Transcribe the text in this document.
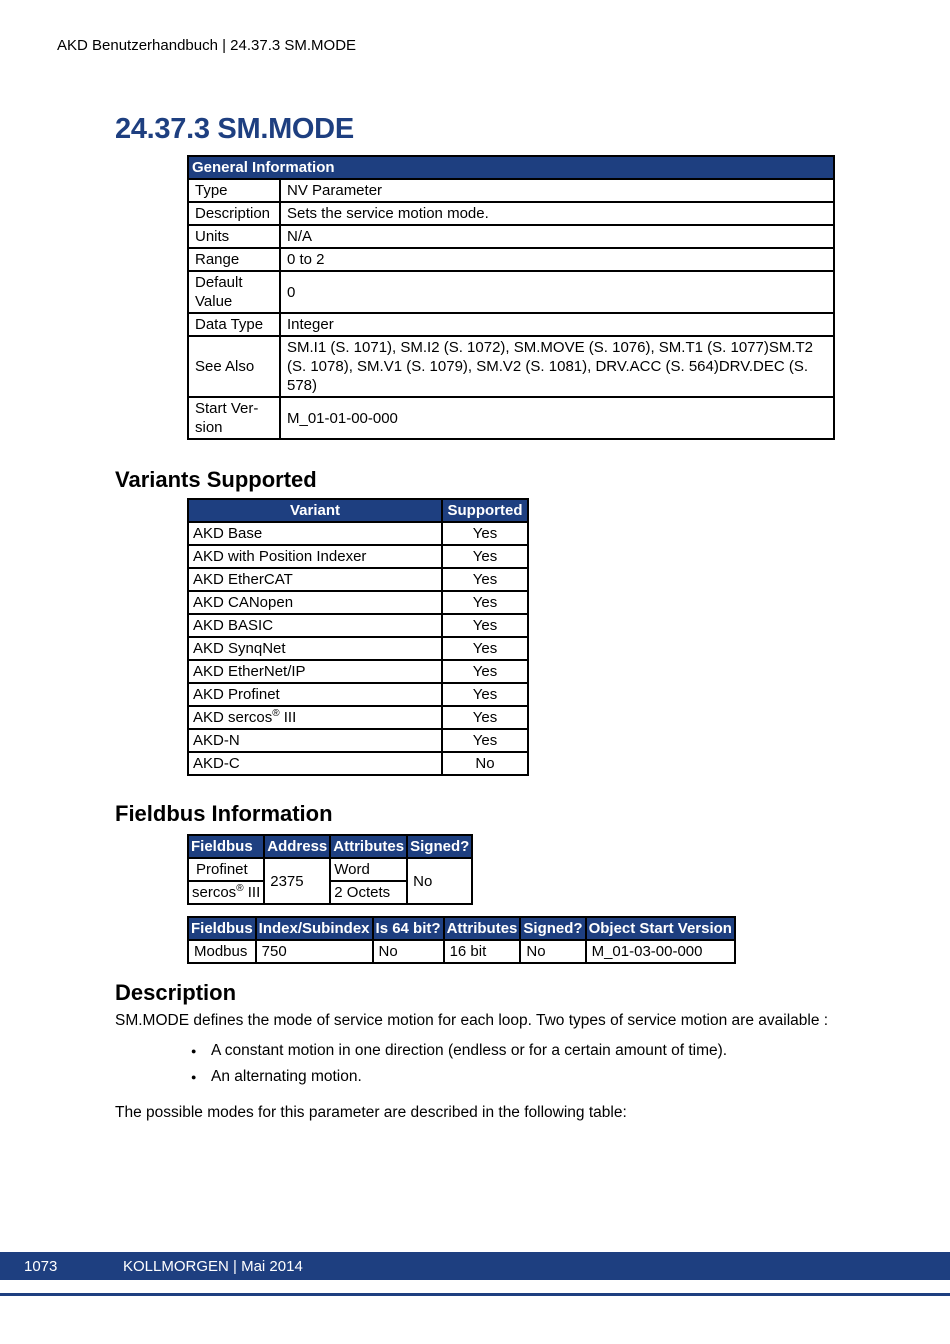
AKD Benutzerhandbuch | 24.37.3 SM.MODE
24.37.3 SM.MODE
General Information	
Type	NV Parameter
Description	Sets the service motion mode.
Units	N/A
Range	0 to 2
Default Value	0
Data Type	Integer
See Also	SM.I1 (S. 1071), SM.I2 (S. 1072), SM.MOVE (S. 1076), SM.T1 (S. 1077)SM.T2 (S. 1078), SM.V1 (S. 1079), SM.V2 (S. 1081), DRV.ACC (S. 564)DRV.DEC (S. 578)
Start Ver- sion	M_01-01-00-000
Variants Supported
Variant	Supported
AKD Base	Yes
AKD with Position Indexer	Yes
AKD EtherCAT	Yes
AKD CANopen	Yes
AKD BASIC	Yes
AKD SynqNet	Yes
AKD EtherNet/IP	Yes
AKD Profinet	Yes
AKD sercos® III	Yes
AKD-N	Yes
AKD-C	No
Fieldbus Information
Fieldbus	Address	Attributes	Signed?
Profinet	2375	Word	No
sercos® III		2 Octets	
Fieldbus	Index/Subindex	Is 64 bit?	Attributes	Signed?	Object Start Version
Modbus	750	No	16 bit	No	M_01-03-00-000
Description

SM.MODE defines the mode of service motion for each loop. Two types of service motion are available :

● A constant motion in one direction (endless or for a certain amount of time).
● An alternating motion.

The possible modes for this parameter are described in the following table:

1073	KOLLMORGEN | Mai 2014
